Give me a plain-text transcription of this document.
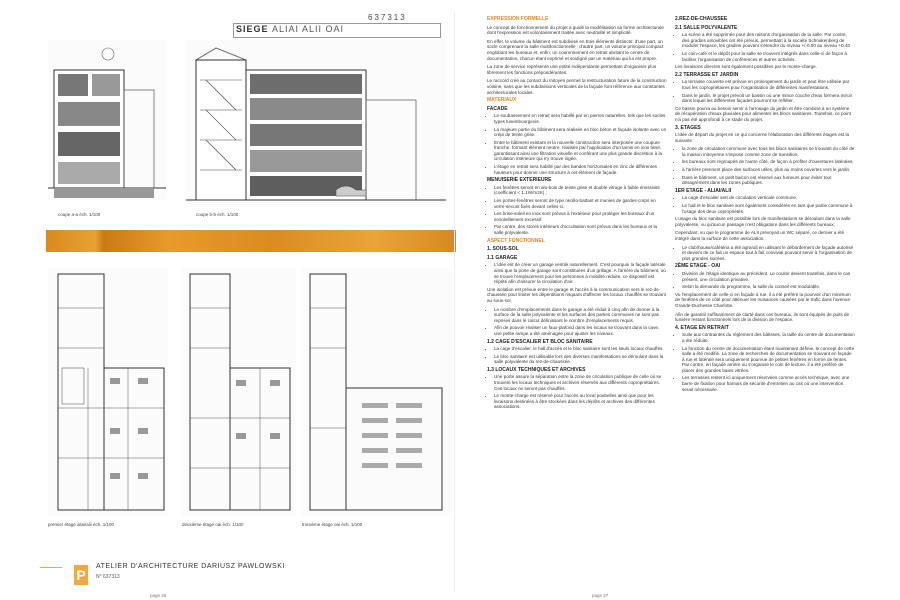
637313
SIEGE ALIAI ALII OAI
coupe a-a éch. 1/100	coupe b-b éch. 1/100
premier étage aliai/alii éch. 1/100	deuxième étage oai éch. 1/100	troisième étage oai éch. 1/100
EXPRESSION FORMELLE

Le concept de fonctionnement du projet a guidé la modélisation sa forme architecturale dont l'expression est volontairement traitée avec neutralité et simplicité.

En effet, le volume du bâtiment est subdivisé en trois éléments distincts: d'une part, un socle comprenant la salle multifonctionnelle ; d'autre part, un volume principal compact englobant les bureaux et, enfin, un couronnement en retrait abritant le centre de documentation, chacun étant exprimé et souligné par un matériau qui lui est propre.

La zone de service représente une entité indépendante permettant d'organiser plus librement les fonctions prépondérantes.

Le raccord créé au contact du mitoyen permet la restructuration future de la construction voisine, sans que les subdivisions verticales de la façade font référence aux constantes architecturales locales.

MATERIAUX
FACADE
• Le soubassement en retrait sera habillé par en pierres naturelles, tels que les socles types luxembourgeois.
• La majeure partie du bâtiment sera réalisée en bloc béton et façade isolante avec un crépi de teinte grise.
• Entre le bâtiment existant et la nouvelle construction sera interposée une coupure franche, formant élément neutre, réalisée par l'application d'un tamis en inox tissé, garantissant ainsi une filtration visuelle et conférant une plus grande discrétion à la circulation intérieure qui s'y trouve logée.
• L'étage en retrait sera habillé par des bandes horizontales en zinc de différentes hauteurs pour donner une structure à cet élément de façade.
MENUISERIE EXTERIEURE
• Les fenêtres seront en alu-bois de teinte grise et double vitrage à faible émissivité (coefficient < 1.1W/m2K) ;
• Les portes-fenêtres seront de type oscillo-battant et munies de gardes-corps en verre-securit fixés devant celles-ci.
• Les brise-soleil en inox sont prévus à l'extérieur pour protéger les bureaux d'un ensoleillement excessif.
• Par contre, des stores intérieurs d'occultation sont prévus dans les bureaux et la salle polyvalente.
ASPECT FONCTIONNEL
1. SOUS-SOL
1.1 GARAGE
• L'idée est de créer un garage ventilé naturellement. C'est pourquoi la façade latérale ainsi que la porte de garage sont constituées d'un grillage. A l'arrière du bâtiment, où se trouve l'emplacement pour les personnes à mobilité réduite, ce dispositif est répété afin d'assurer la circulation d'air.

Une isolation est prévue entre le garage et l'accès à la communication vers le rez-de-chaussée pour limiter les déperditions risquant d'affecter les locaux chauffés se trouvant au sous-sol.

• Le nombre d'emplacements dans le garage a été réduit à cinq afin de donner à la surface de la salle polyvalente et les surfaces des parties communes ne sont pas reprises dans le calcul définissant le nombre d'emplacements requis.
• Afin de pouvoir réaliser un faux-plafond dans les locaux se trouvant dans la cave, une petite rampe a été aménagée pour ajuster les niveaux.
1.2 CAGE D'ESCALIER ET BLOC SANITAIRE
• La cage d'escalier, le hall d'accès et le bloc sanitaire sont les seuls locaux chauffés.
• Le bloc sanitaire est utilisable lors des diverses manifestations se déroulant dans la salle polyvalente du rez-de-chaussée.
1.3 LOCAUX TECHNIQUES ET ARCHIVES
• Une porte assure la séparation entre la zone de circulation publique de celle où se trouvent les locaux techniques et archives réservés aux différents copropriétaires. Ces locaux ne seront pas chauffés.
• Le monte-charge est réservé pour l'accès au local poubelles ainsi que pour les livraisons destinées à être stockées dans les dépôts et archives des différentes associations.
2.REZ-DE-CHAUSSEE
2.1 SALLE POLYVALENTE
• La scène a été supprimée pour des raisons d'organisation de la salle. Par contre, des gradins amovibles ont été prévus, permettant à la société Schnakenberg de moduler l'espace, les gradins pouvant s'étendre du niveau +/-0.00 au niveau +0.40
• Le coin-café et le dépôt pour la salle se trouvent intégrés dans celle-ci de façon à faciliter l'organisation de conférences et autres activités.

Les livraisons directes sont également possibles par le monte-charge.

2.2 TERRASSE ET JARDIN
• La terrasse couverte est prévue en prolongement du jardin et peut être utilisée par tous les copropriétaires pour l'organisation de différentes manifestations.
• Dans le jardin, le projet prévoit un bassin où une mince couche d'eau formera miroir dans lequel les différentes façades pourront se refléter.

Ce bassin pourra au besoin servir à l'arrosage du jardin et être combiné à un système de récupération d'eaux pluviales pour alimenter les blocs sanitaires. Toutefois, ce point n'a pas été approfondi à ce stade du projet.

3. ETAGES

L'idée de départ du projet en ce qui concerne l'élaboration des différents étages est la suivante :

• la zone de circulation commune avec tous les blocs sanitaires se trouvant du côté de la maison mitoyenne s'impose comme zone de transition,
• les bureaux sont regroupés de l'autre côté, de façon à profiter d'ouvertures latérales,
• à l'arrière prennent place des surfaces utiles, plus au moins ouvertes vers le jardin.
• Dans le bâtiment, un petit balcon est réservé aux fumeurs pour éviter tout désagrément dans les zones publiques.
1ER ETAGE - ALIAI/ALII
• La cage d'escalier sert de circulation verticale commune,
• Le hall et le bloc sanitaire sont également considérés en tant que partie commune à l'usage des deux copropriétés.

L'usage du bloc sanitaire est possible lors de manifestations se déroulant dans la salle polyvalente, vu qu'aucun passage n'est obligatoire dans les différents bureaux;

Cependant, vu que le programme de ALII prévoyait un WC séparé, ce dernier a été intégré dans la surface de cette association.

• Le club/house/cafétéria a été agrandi en utilisant le débordement de façade autorisé et devient de ce fait un espace tout à fait convivial pouvant servir à l'organisation de plus grandes soirées.
2ÈME ETAGE - OAI
• Division de l'étage identique au précédent. Le couloir devient toutefois, dans le cas présent, une circulation privative.
• Selon la demande du programme, la salle du conseil est modulable.

Vu l'emplacement de celle-ci en façade à rue, il a été préféré la pourvoir d'un minimum de fenêtres de ce côté pour atténuer les nuisances causées par le trafic dans l'avenue Grande-Duchesse Charlotte.

Afin de garantir suffisamment de clarté dans ces bureaux, ils sont équipés de puits de lumière restant fonctionnels lors de la division de l'espace.

4. ETAGE EN RETRAIT
• Suite aux contraintes du règlement des bâtisses, la taille du centre de documentation a été réduite.
• La fonction du centre de documentation étant maintenant définie, le concept de cette salle a été modifié. La zone de recherches de documentation se trouvant en façade à rue et latérale sera uniquement pourvue de petites fenêtres en forme de fentes. Par contre, en façade arrière ou s'organise le coin de lecture, il a été préféré de placer des grandes baies vitrées.
• Les terrasses restent ici uniquement réservées comme accès technique, avec une barre de fixation pour harnais de sécurité d'entretien au cas où une intervention serait nécessaire.
P
ATELIER D'ARCHITECTURE DARIUSZ PAWLOWSKI
N° 637313
page 26	page 27
